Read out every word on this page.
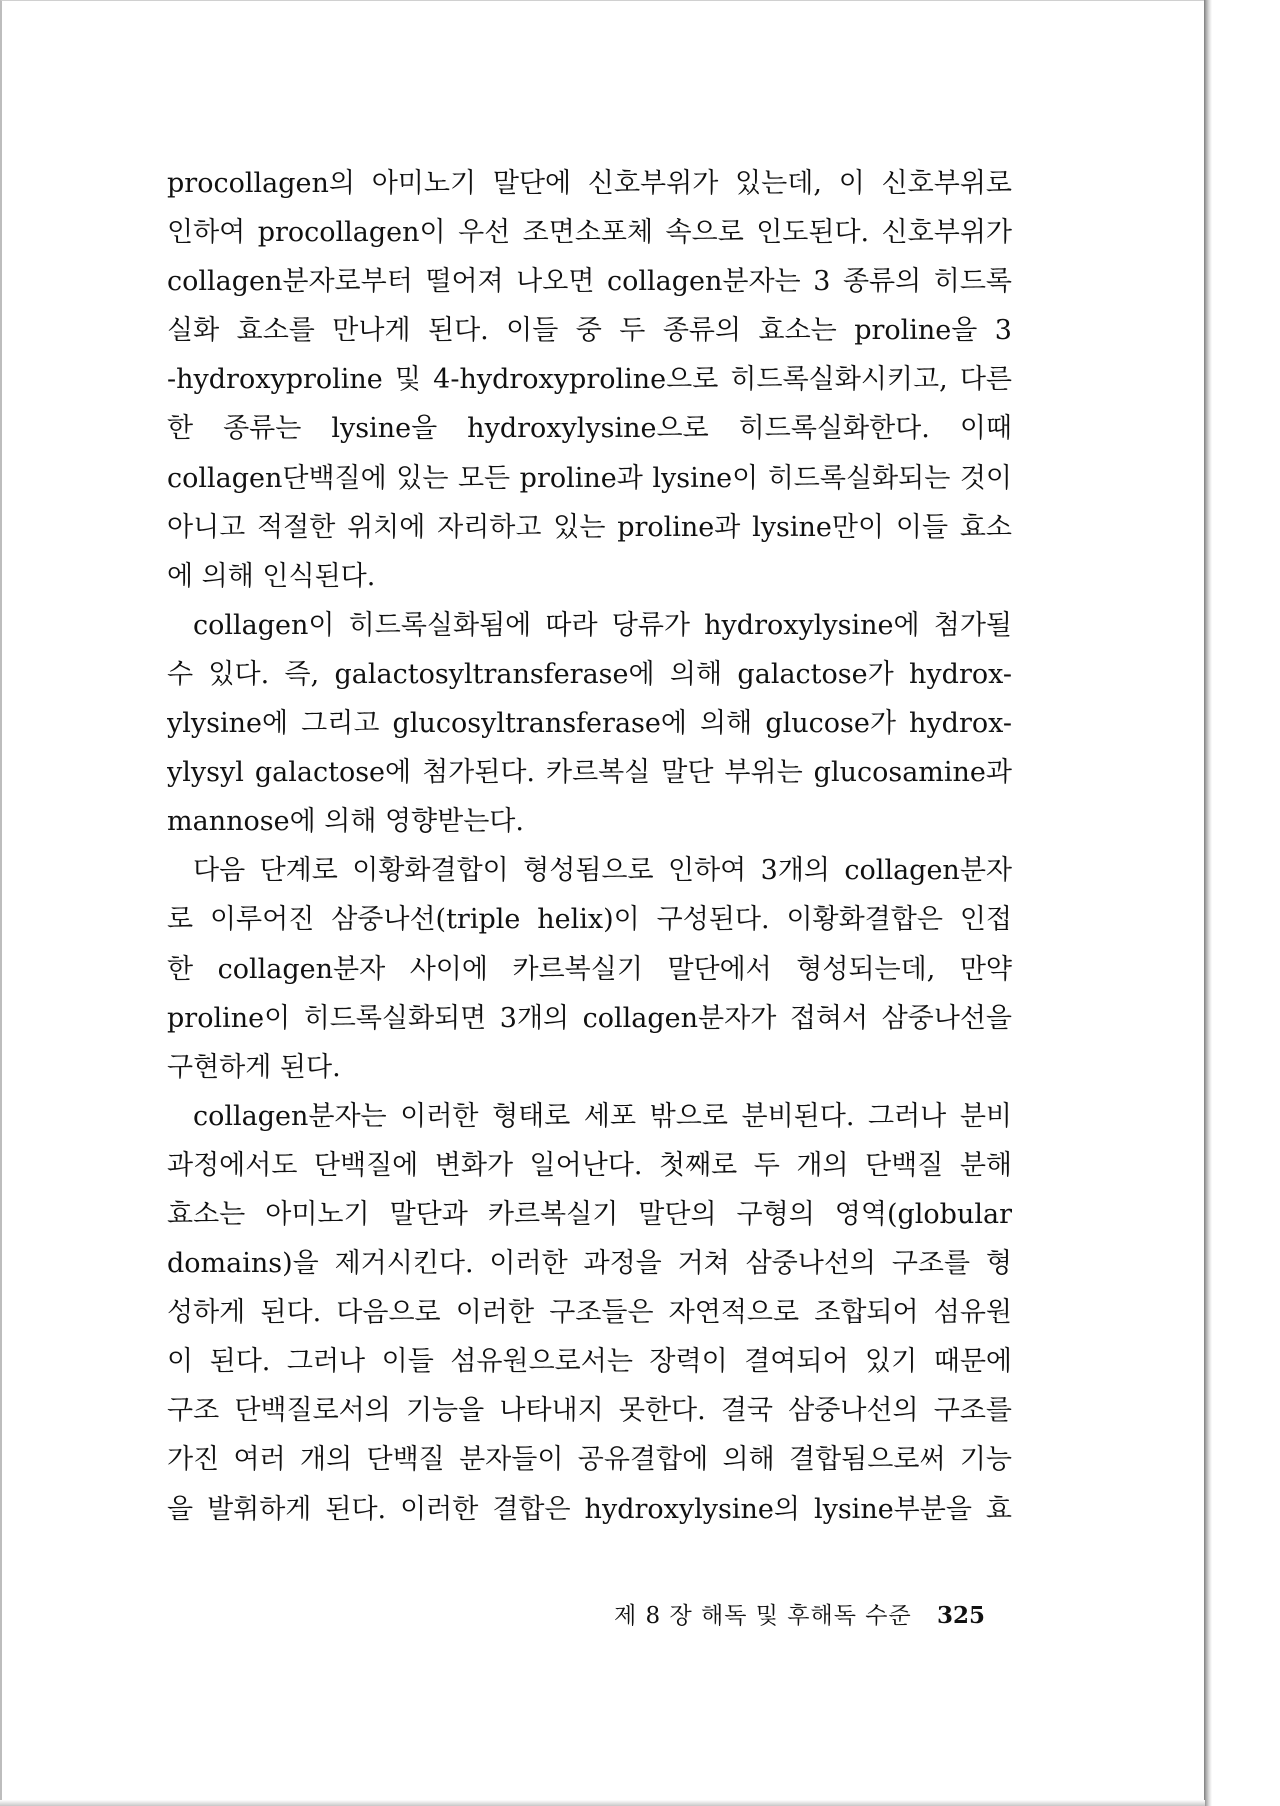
procollagen의 아미노기 말단에 신호부위가 있는데, 이 신호부위로
인하여 procollagen이 우선 조면소포체 속으로 인도된다. 신호부위가
collagen분자로부터 떨어져 나오면 collagen분자는 3 종류의 히드록
실화 효소를 만나게 된다. 이들 중 두 종류의 효소는 proline을 3
-hydroxyproline 및 4-hydroxyproline으로 히드록실화시키고, 다른
한 종류는 lysine을 hydroxylysine으로 히드록실화한다. 이때
collagen단백질에 있는 모든 proline과 lysine이 히드록실화되는 것이
아니고 적절한 위치에 자리하고 있는 proline과 lysine만이 이들 효소
에 의해 인식된다.
collagen이 히드록실화됨에 따라 당류가 hydroxylysine에 첨가될
수 있다. 즉, galactosyltransferase에 의해 galactose가 hydrox-
ylysine에 그리고 glucosyltransferase에 의해 glucose가 hydrox-
ylysyl galactose에 첨가된다. 카르복실 말단 부위는 glucosamine과
mannose에 의해 영향받는다.
다음 단계로 이황화결합이 형성됨으로 인하여 3개의 collagen분자
로 이루어진 삼중나선(triple helix)이 구성된다. 이황화결합은 인접
한 collagen분자 사이에 카르복실기 말단에서 형성되는데, 만약
proline이 히드록실화되면 3개의 collagen분자가 접혀서 삼중나선을
구현하게 된다.
collagen분자는 이러한 형태로 세포 밖으로 분비된다. 그러나 분비
과정에서도 단백질에 변화가 일어난다. 첫째로 두 개의 단백질 분해
효소는 아미노기 말단과 카르복실기 말단의 구형의 영역(globular
domains)을 제거시킨다. 이러한 과정을 거쳐 삼중나선의 구조를 형
성하게 된다. 다음으로 이러한 구조들은 자연적으로 조합되어 섬유원
이 된다. 그러나 이들 섬유원으로서는 장력이 결여되어 있기 때문에
구조 단백질로서의 기능을 나타내지 못한다. 결국 삼중나선의 구조를
가진 여러 개의 단백질 분자들이 공유결합에 의해 결합됨으로써 기능
을 발휘하게 된다. 이러한 결합은 hydroxylysine의 lysine부분을 효
제 8 장 해독 및 후해독 수준 325
